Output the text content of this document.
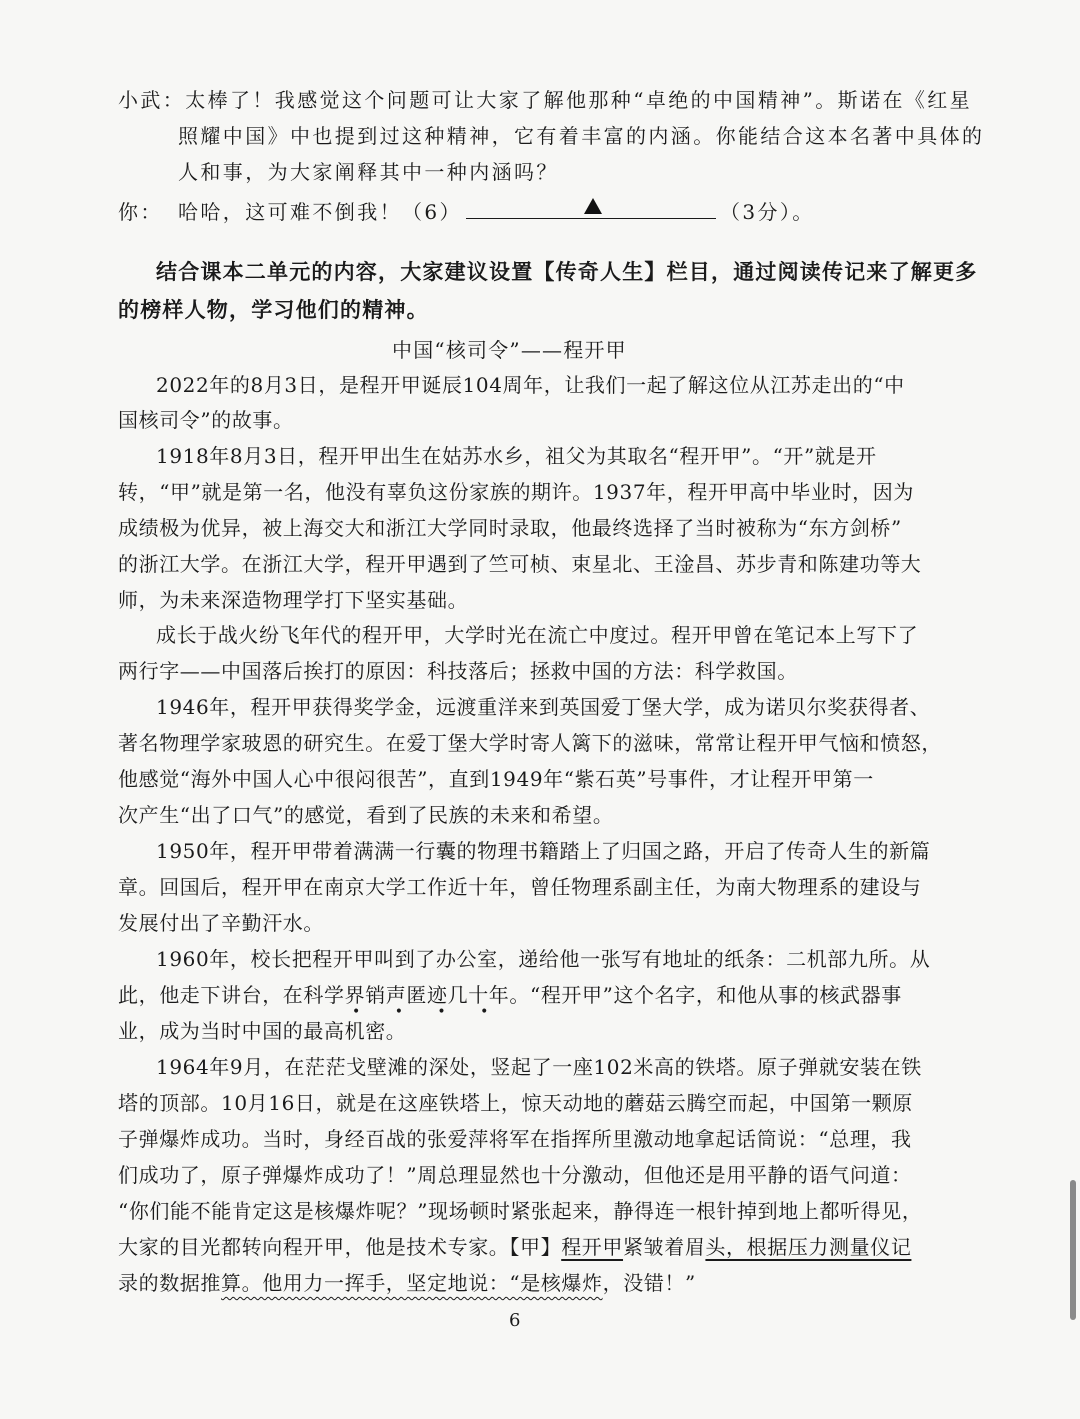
小武：太棒了！我感觉这个问题可让大家了解他那种“卓绝的中国精神”。斯诺在《红星
照耀中国》中也提到过这种精神，它有着丰富的内涵。你能结合这本名著中具体的
人和事，为大家阐释其中一种内涵吗？
你： 哈哈，这可难不倒我！（6）	（3分）。
结合课本二单元的内容，大家建议设置【传奇人生】栏目，通过阅读传记来了解更多
的榜样人物，学习他们的精神。
中国“核司令”——程开甲
2022年的8月3日，是程开甲诞辰104周年，让我们一起了解这位从江苏走出的“中
国核司令”的故事。
1918年8月3日，程开甲出生在姑苏水乡，祖父为其取名“程开甲”。“开”就是开
转，“甲”就是第一名，他没有辜负这份家族的期许。1937年，程开甲高中毕业时，因为
成绩极为优异，被上海交大和浙江大学同时录取，他最终选择了当时被称为“东方剑桥”
的浙江大学。在浙江大学，程开甲遇到了竺可桢、束星北、王淦昌、苏步青和陈建功等大
师，为未来深造物理学打下坚实基础。
成长于战火纷飞年代的程开甲，大学时光在流亡中度过。程开甲曾在笔记本上写下了
两行字——中国落后挨打的原因：科技落后；拯救中国的方法：科学救国。
1946年，程开甲获得奖学金，远渡重洋来到英国爱丁堡大学，成为诺贝尔奖获得者、
著名物理学家玻恩的研究生。在爱丁堡大学时寄人篱下的滋味，常常让程开甲气恼和愤怒，
他感觉“海外中国人心中很闷很苦”，直到1949年“紫石英”号事件，才让程开甲第一
次产生“出了口气”的感觉，看到了民族的未来和希望。
1950年，程开甲带着满满一行囊的物理书籍踏上了归国之路，开启了传奇人生的新篇
章。回国后，程开甲在南京大学工作近十年，曾任物理系副主任，为南大物理系的建设与
发展付出了辛勤汗水。
1960年，校长把程开甲叫到了办公室，递给他一张写有地址的纸条：二机部九所。从
此，他走下讲台，在科学界销声匿迹几十年。“程开甲”这个名字，和他从事的核武器事
• • • •
业，成为当时中国的最高机密。
1964年9月，在茫茫戈壁滩的深处，竖起了一座102米高的铁塔。原子弹就安装在铁
塔的顶部。10月16日，就是在这座铁塔上，惊天动地的蘑菇云腾空而起，中国第一颗原
子弹爆炸成功。当时，身经百战的张爱萍将军在指挥所里激动地拿起话筒说：“总理，我
们成功了，原子弹爆炸成功了！”周总理显然也十分激动，但他还是用平静的语气问道：
“你们能不能肯定这是核爆炸呢？”现场顿时紧张起来，静得连一根针掉到地上都听得见，
大家的目光都转向程开甲，他是技术专家。【甲】程开甲紧皱着眉头，根据压力测量仪记
录的数据推算。他用力一挥手，坚定地说：“是核爆炸，没错！”
6
